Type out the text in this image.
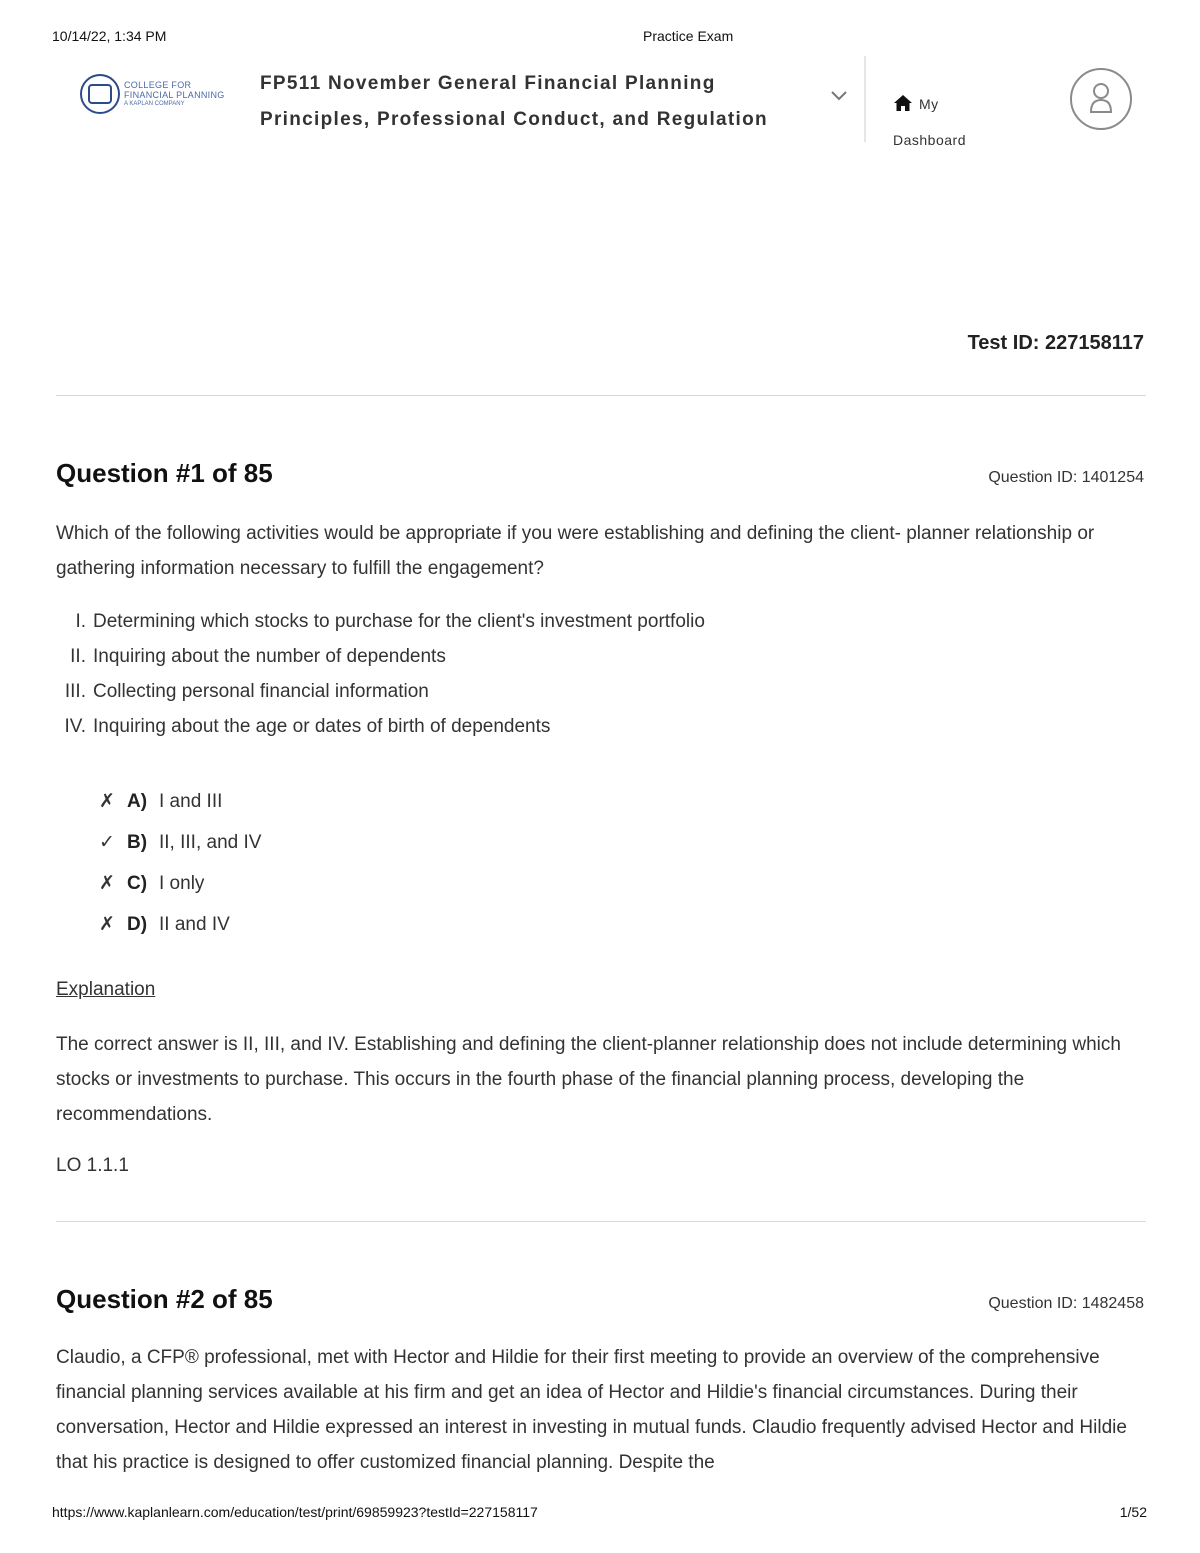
10/14/22, 1:34 PM	Practice Exam
COLLEGE FOR
FINANCIAL PLANNING
A KAPLAN COMPANY
FP511 November General Financial Planning
Principles, Professional Conduct, and Regulation
My
Dashboard
Test ID: 227158117
Question #1 of 85	Question ID: 1401254
Which of the following activities would be appropriate if you were establishing and defining the client- planner relationship or gathering information necessary to fulfill the engagement?
I. Determining which stocks to purchase for the client's investment portfolio
II. Inquiring about the number of dependents
III. Collecting personal financial information
IV. Inquiring about the age or dates of birth of dependents
✗ A) I and III
✓ B) II, III, and IV
✗ C) I only
✗ D) II and IV
Explanation
The correct answer is II, III, and IV. Establishing and defining the client-planner relationship does not include determining which stocks or investments to purchase. This occurs in the fourth phase of the financial planning process, developing the recommendations.
LO 1.1.1
Question #2 of 85	Question ID: 1482458
Claudio, a CFP® professional, met with Hector and Hildie for their first meeting to provide an overview of the comprehensive financial planning services available at his firm and get an idea of Hector and Hildie's financial circumstances. During their conversation, Hector and Hildie expressed an interest in investing in mutual funds. Claudio frequently advised Hector and Hildie that his practice is designed to offer customized financial planning. Despite the
https://www.kaplanlearn.com/education/test/print/69859923?testId=227158117	1/52
